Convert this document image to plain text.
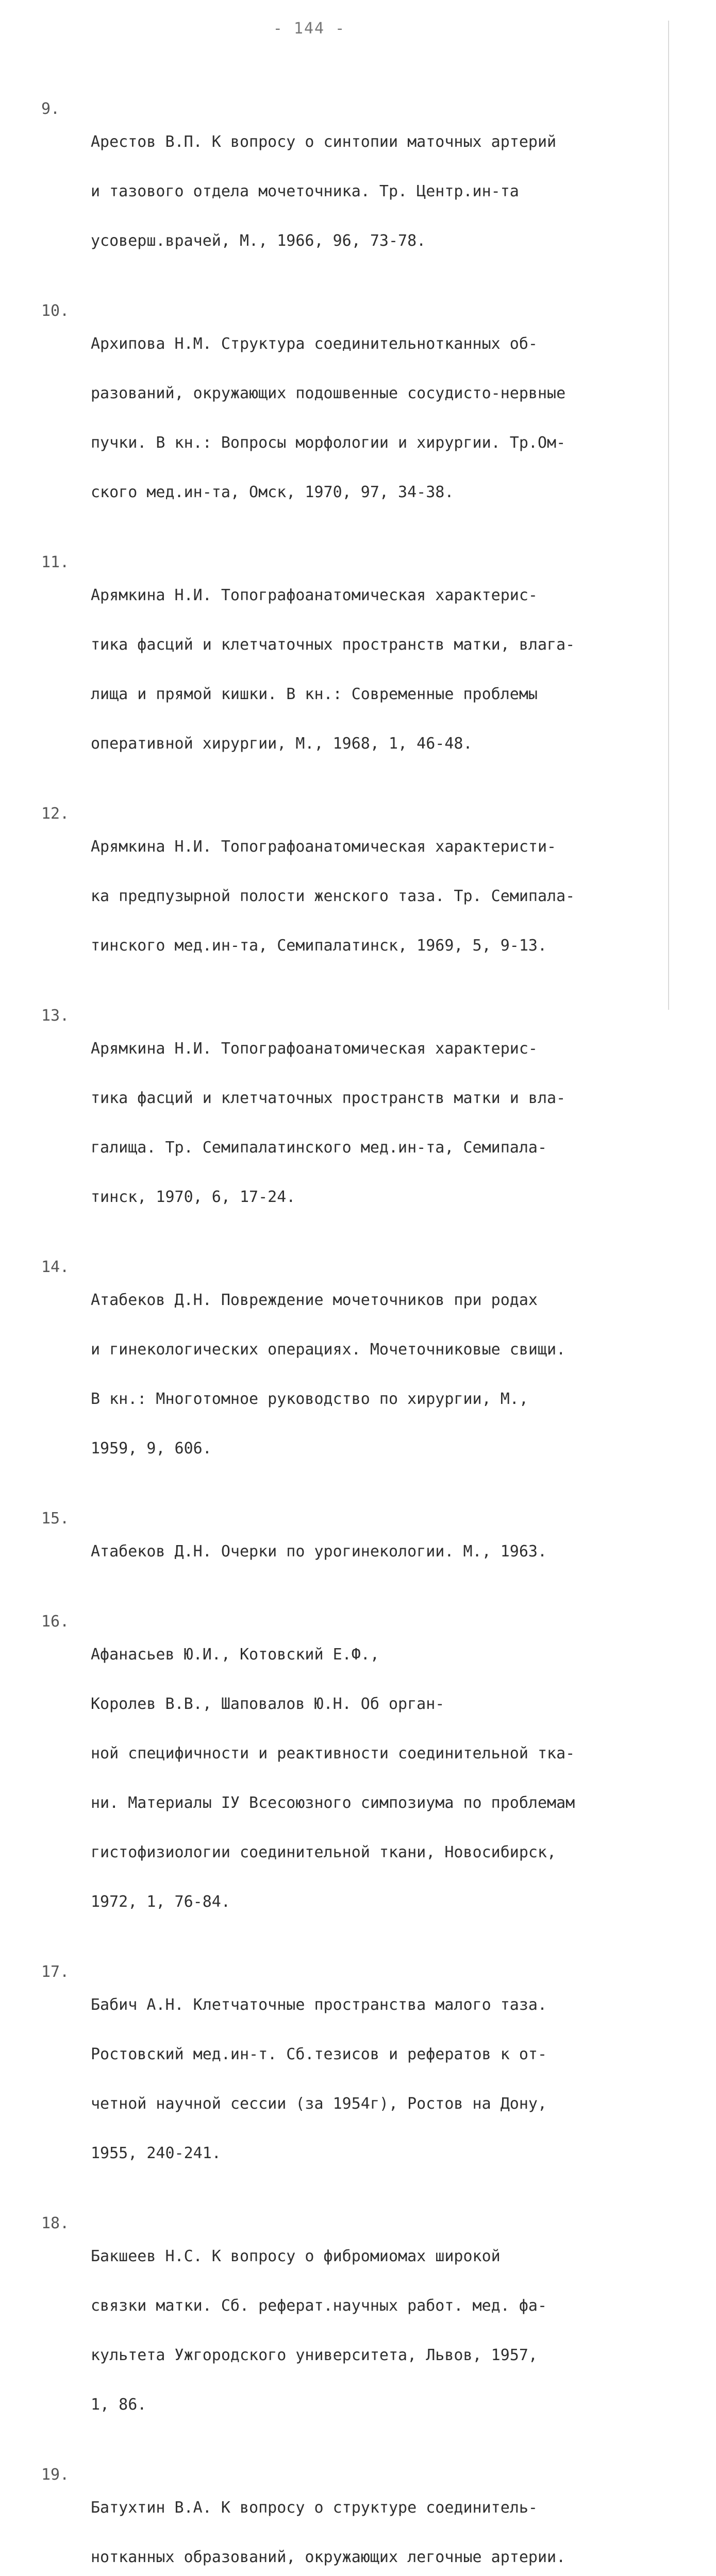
- 144 -
9.

Арестов В.П. К вопросу о синтопии маточных артерий

и тазового отдела мочеточника. Тр. Центр.ин-та

усоверш.врачей, М., 1966, 96, 73-78.

10.

Архипова Н.М. Структура соединительнотканных об-

разований, окружающих подошвенные сосудисто-нервные

пучки. В кн.: Вопросы морфологии и хирургии. Тр.Ом-

ского мед.ин-та, Омск, 1970, 97, 34-38.

11.

Арямкина Н.И. Топографоанатомическая характерис-

тика фасций и клетчаточных пространств матки, влага-

лища и прямой кишки. В кн.: Современные проблемы

оперативной хирургии, М., 1968, 1, 46-48.

12.

Арямкина Н.И. Топографоанатомическая характеристи-

ка предпузырной полости женского таза. Тр. Семипала-

тинского мед.ин-та, Семипалатинск, 1969, 5, 9-13.

13.

Арямкина Н.И. Топографоанатомическая характерис-

тика фасций и клетчаточных пространств матки и вла-

галища. Тр. Семипалатинского мед.ин-та, Семипала-

тинск, 1970, 6, 17-24.

14.

Атабеков Д.Н. Повреждение мочеточников при родах

и гинекологических операциях. Мочеточниковые свищи.

В кн.: Многотомное руководство по хирургии, М.,

1959, 9, 606.

15.

Атабеков Д.Н. Очерки по урогинекологии. М., 1963.

16.

Афанасьев Ю.И., Котовский Е.Ф.,

Королев В.В., Шаповалов Ю.Н. Об орган-

ной специфичности и реактивности соединительной тка-

ни. Материалы IУ Всесоюзного симпозиума по проблемам

гистофизиологии соединительной ткани, Новосибирск,

1972, 1, 76-84.

17.

Бабич А.Н. Клетчаточные пространства малого таза.

Ростовский мед.ин-т. Сб.тезисов и рефератов к от-

четной научной сессии (за 1954г), Ростов на Дону,

1955, 240-241.

18.

Бакшеев Н.С. К вопросу о фибромиомах широкой

связки матки. Сб. реферат.научных работ. мед. фа-

культета Ужгородского университета, Львов, 1957,

1, 86.

19.

Батухтин В.А. К вопросу о структуре соединитель-

нотканных образований, окружающих легочные артерии.
